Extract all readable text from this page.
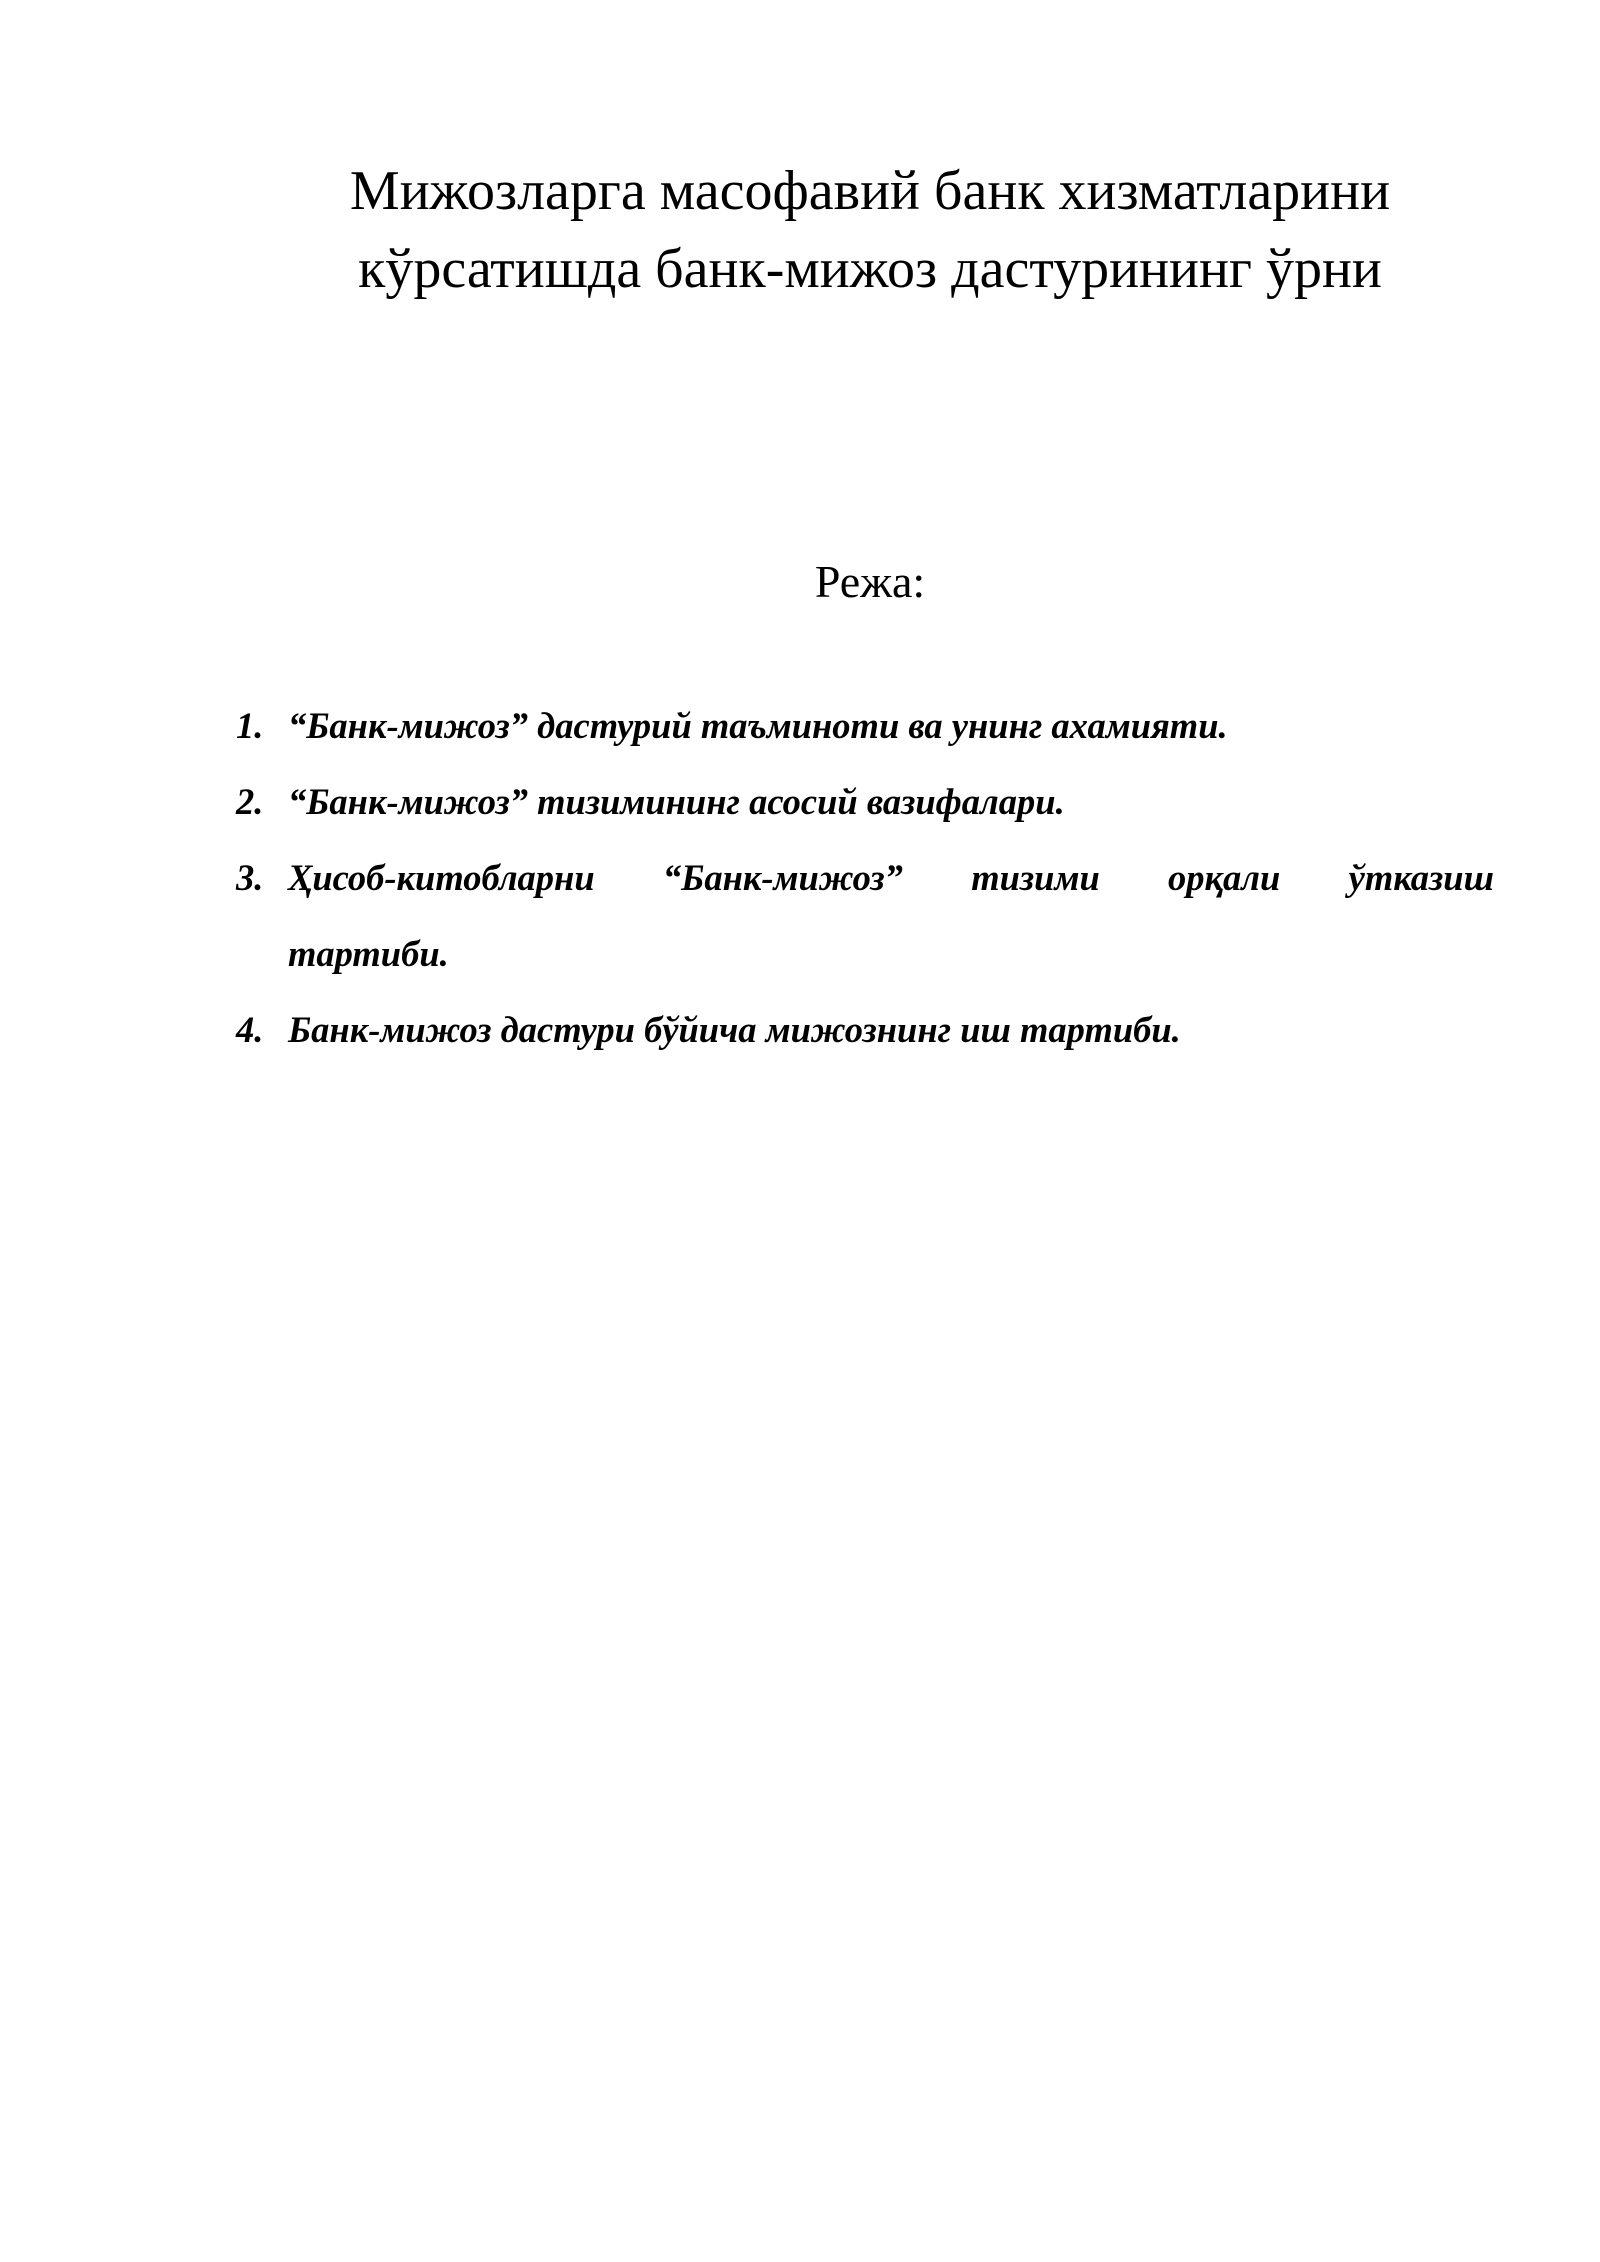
Мижозларга масофавий банк хизматларини
кўрсатишда банк-мижоз дастурининг ўрни
Режа:
1. “Банк-мижоз” дастурий таъминоти ва унинг ахамияти.
2. “Банк-мижоз” тизимининг асосий вазифалари.
3. Ҳисоб-китобларни “Банк-мижоз” тизими орқали ўтказиш
тартиби.
4. Банк-мижоз дастури бўйича мижознинг иш тартиби.
